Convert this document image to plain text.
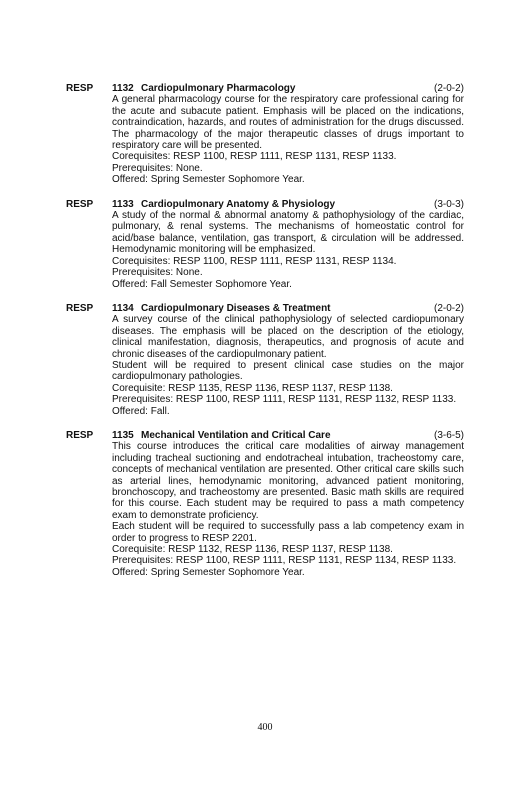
RESP 1132 Cardiopulmonary Pharmacology	(2-0-2)

A general pharmacology course for the respiratory care professional caring for the acute and subacute patient. Emphasis will be placed on the indications, contraindication, hazards, and routes of administration for the drugs discussed. The pharmacology of the major therapeutic classes of drugs important to respiratory care will be presented.

Corequisites: RESP 1100, RESP 1111, RESP 1131, RESP 1133.

Prerequisites: None.

Offered: Spring Semester Sophomore Year.

RESP 1133 Cardiopulmonary Anatomy & Physiology	(3-0-3)

A study of the normal & abnormal anatomy & pathophysiology of the cardiac, pulmonary, & renal systems. The mechanisms of homeostatic control for acid/base balance, ventilation, gas transport, & circulation will be addressed. Hemodynamic monitoring will be emphasized.

Corequisites: RESP 1100, RESP 1111, RESP 1131, RESP 1134.

Prerequisites: None.

Offered: Fall Semester Sophomore Year.

RESP 1134 Cardiopulmonary Diseases & Treatment	(2-0-2)

A survey course of the clinical pathophysiology of selected cardiopumonary diseases. The emphasis will be placed on the description of the etiology, clinical manifestation, diagnosis, therapeutics, and prognosis of acute and chronic diseases of the cardiopulmonary patient.

Student will be required to present clinical case studies on the major cardiopulmonary pathologies.

Corequisite: RESP 1135, RESP 1136, RESP 1137, RESP 1138.

Prerequisites: RESP 1100, RESP 1111, RESP 1131, RESP 1132, RESP 1133.

Offered: Fall.

RESP 1135 Mechanical Ventilation and Critical Care	(3-6-5)

This course introduces the critical care modalities of airway management including tracheal suctioning and endotracheal intubation, tracheostomy care, concepts of mechanical ventilation are presented. Other critical care skills such as arterial lines, hemodynamic monitoring, advanced patient monitoring, bronchoscopy, and tracheostomy are presented. Basic math skills are required for this course. Each student may be required to pass a math competency exam to demonstrate proficiency.

Each student will be required to successfully pass a lab competency exam in order to progress to RESP 2201.

Corequisite: RESP 1132, RESP 1136, RESP 1137, RESP 1138.

Prerequisites: RESP 1100, RESP 1111, RESP 1131, RESP 1134, RESP 1133.

Offered: Spring Semester Sophomore Year.

400
